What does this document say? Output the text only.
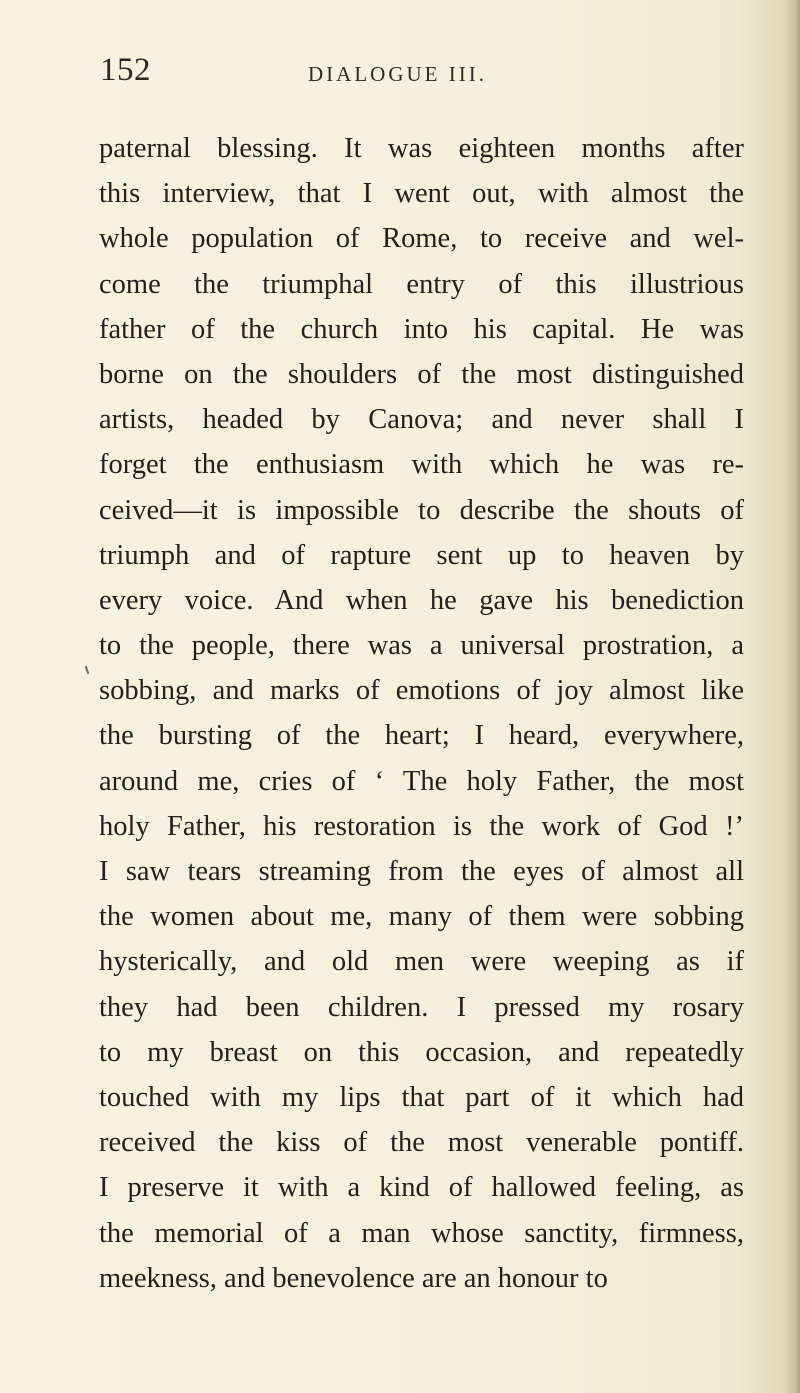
152	DIALOGUE III.
paternal blessing. It was eighteen months after
this interview, that I went out, with almost the
whole population of Rome, to receive and wel-
come the triumphal entry of this illustrious
father of the church into his capital. He was
borne on the shoulders of the most distinguished
artists, headed by Canova; and never shall I
forget the enthusiasm with which he was re-
ceived—it is impossible to describe the shouts of
triumph and of rapture sent up to heaven by
every voice. And when he gave his benediction
to the people, there was a universal prostration, a
sobbing, and marks of emotions of joy almost like
the bursting of the heart; I heard, everywhere,
around me, cries of ‘ The holy Father, the most
holy Father, his restoration is the work of God !’
I saw tears streaming from the eyes of almost all
the women about me, many of them were sobbing
hysterically, and old men were weeping as if
they had been children. I pressed my rosary
to my breast on this occasion, and repeatedly
touched with my lips that part of it which had
received the kiss of the most venerable pontiff.
I preserve it with a kind of hallowed feeling, as
the memorial of a man whose sanctity, firmness,
meekness, and benevolence are an honour to
